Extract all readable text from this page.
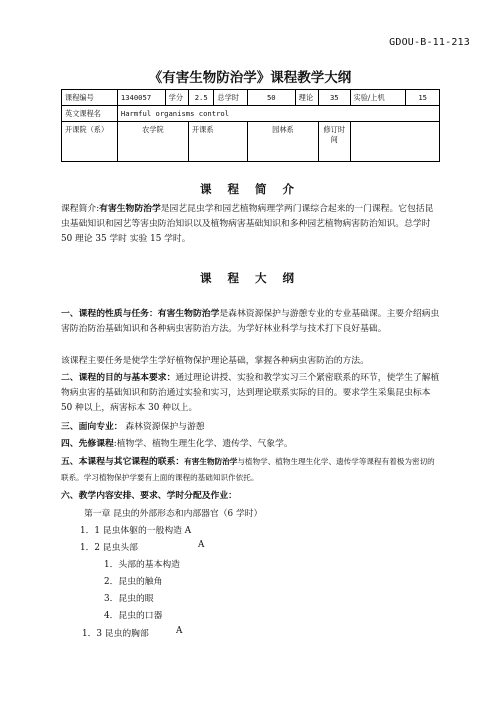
GDOU-B-11-213
《有害生物防治学》课程教学大纲
课程编号	1340057	学分	2.5	总学时	50	理论	35	实验/上机	15
英文课程名	Harmful organisms control								
开课院（系）	农学院		开课系		园林系		修订时
间		
课 程 简 介

课程简介:有害生物防治学是园艺昆虫学和园艺植物病理学两门课综合起来的一门课程。它包括昆虫基础知识和园艺等害虫防治知识以及植物病害基础知识和多种园艺植物病害防治知识。总学时 50 理论 35 学时 实验 15 学时。

课 程 大 纲

一、课程的性质与任务：有害生物防治学是森林资源保护与游憩专业的专业基础课。主要介绍病虫害防治防治基础知识和各种病虫害防治方法。为学好林业科学与技术打下良好基础。

该课程主要任务是使学生学好植物保护理论基础，掌握各种病虫害防治的方法。

二、课程的目的与基本要求：通过理论讲授、实验和教学实习三个紧密联系的环节，使学生了解植物病虫害的基础知识和防治通过实验和实习，达到理论联系实际的目的。要求学生采集昆虫标本 50 种以上，病害标本 30 种以上。

三、面向专业： 森林资源保护与游憩

四、先修课程:植物学、植物生理生化学、遗传学、气象学。

五、本课程与其它课程的联系：有害生物防治学与植物学、植物生理生化学、遗传学等课程有着极为密切的联系。学习植物保护学要有上面的课程的基础知识作依托。

六、教学内容安排、要求、学时分配及作业：

第一章 昆虫的外部形态和内部器官（6 学时）
1．1 昆虫体躯的一般构造 A
1．2 昆虫头部	A
1．头部的基本构造
2．昆虫的触角
3．昆虫的眼
4．昆虫的口器
1．3 昆虫的胸部	A
